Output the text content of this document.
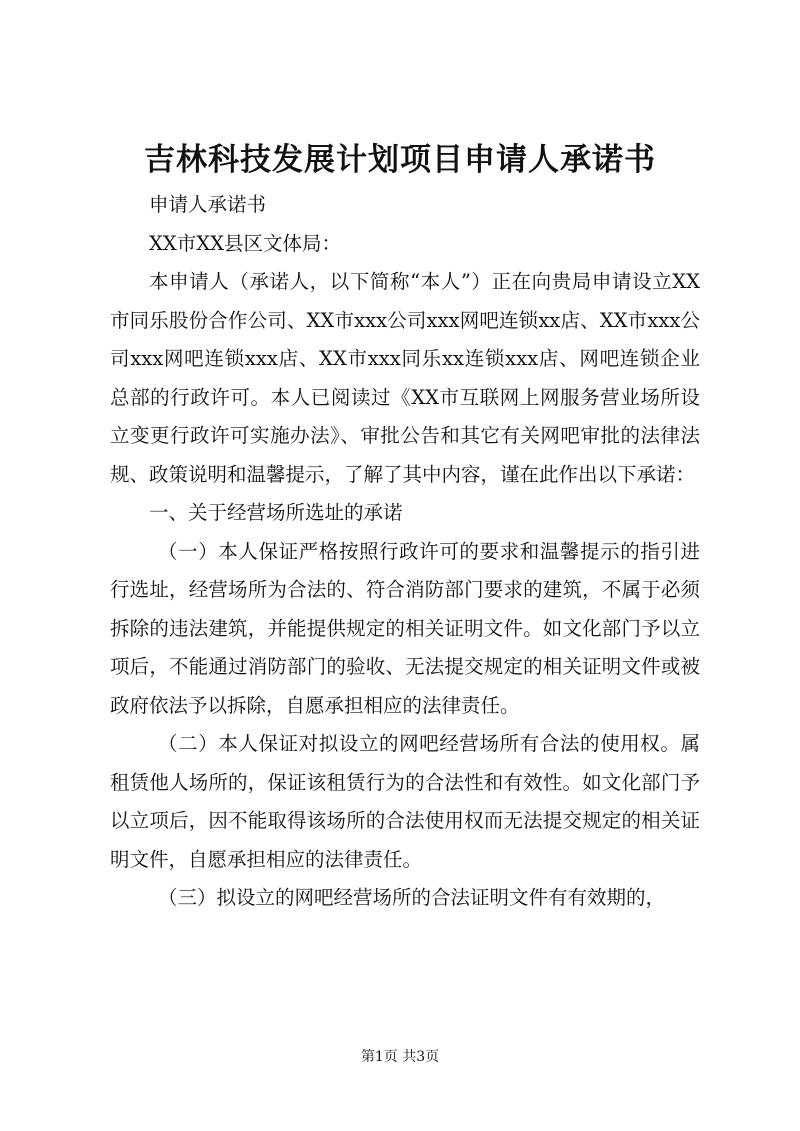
吉林科技发展计划项目申请人承诺书

申请人承诺书

XX市XX县区文体局：

本申请人（承诺人，以下简称“本人”）正在向贵局申请设立XX市同乐股份合作公司、XX市xxx公司xxx网吧连锁xx店、XX市xxx公司xxx网吧连锁xxx店、XX市xxx同乐xx连锁xxx店、网吧连锁企业总部的行政许可。本人已阅读过《XX市互联网上网服务营业场所设立变更行政许可实施办法》、审批公告和其它有关网吧审批的法律法规、政策说明和温馨提示，了解了其中内容，谨在此作出以下承诺：

一、关于经营场所选址的承诺

（一）本人保证严格按照行政许可的要求和温馨提示的指引进行选址，经营场所为合法的、符合消防部门要求的建筑，不属于必须拆除的违法建筑，并能提供规定的相关证明文件。如文化部门予以立项后，不能通过消防部门的验收、无法提交规定的相关证明文件或被政府依法予以拆除，自愿承担相应的法律责任。

（二）本人保证对拟设立的网吧经营场所有合法的使用权。属租赁他人场所的，保证该租赁行为的合法性和有效性。如文化部门予以立项后，因不能取得该场所的合法使用权而无法提交规定的相关证明文件，自愿承担相应的法律责任。

（三）拟设立的网吧经营场所的合法证明文件有有效期的，

第1页 共3页
